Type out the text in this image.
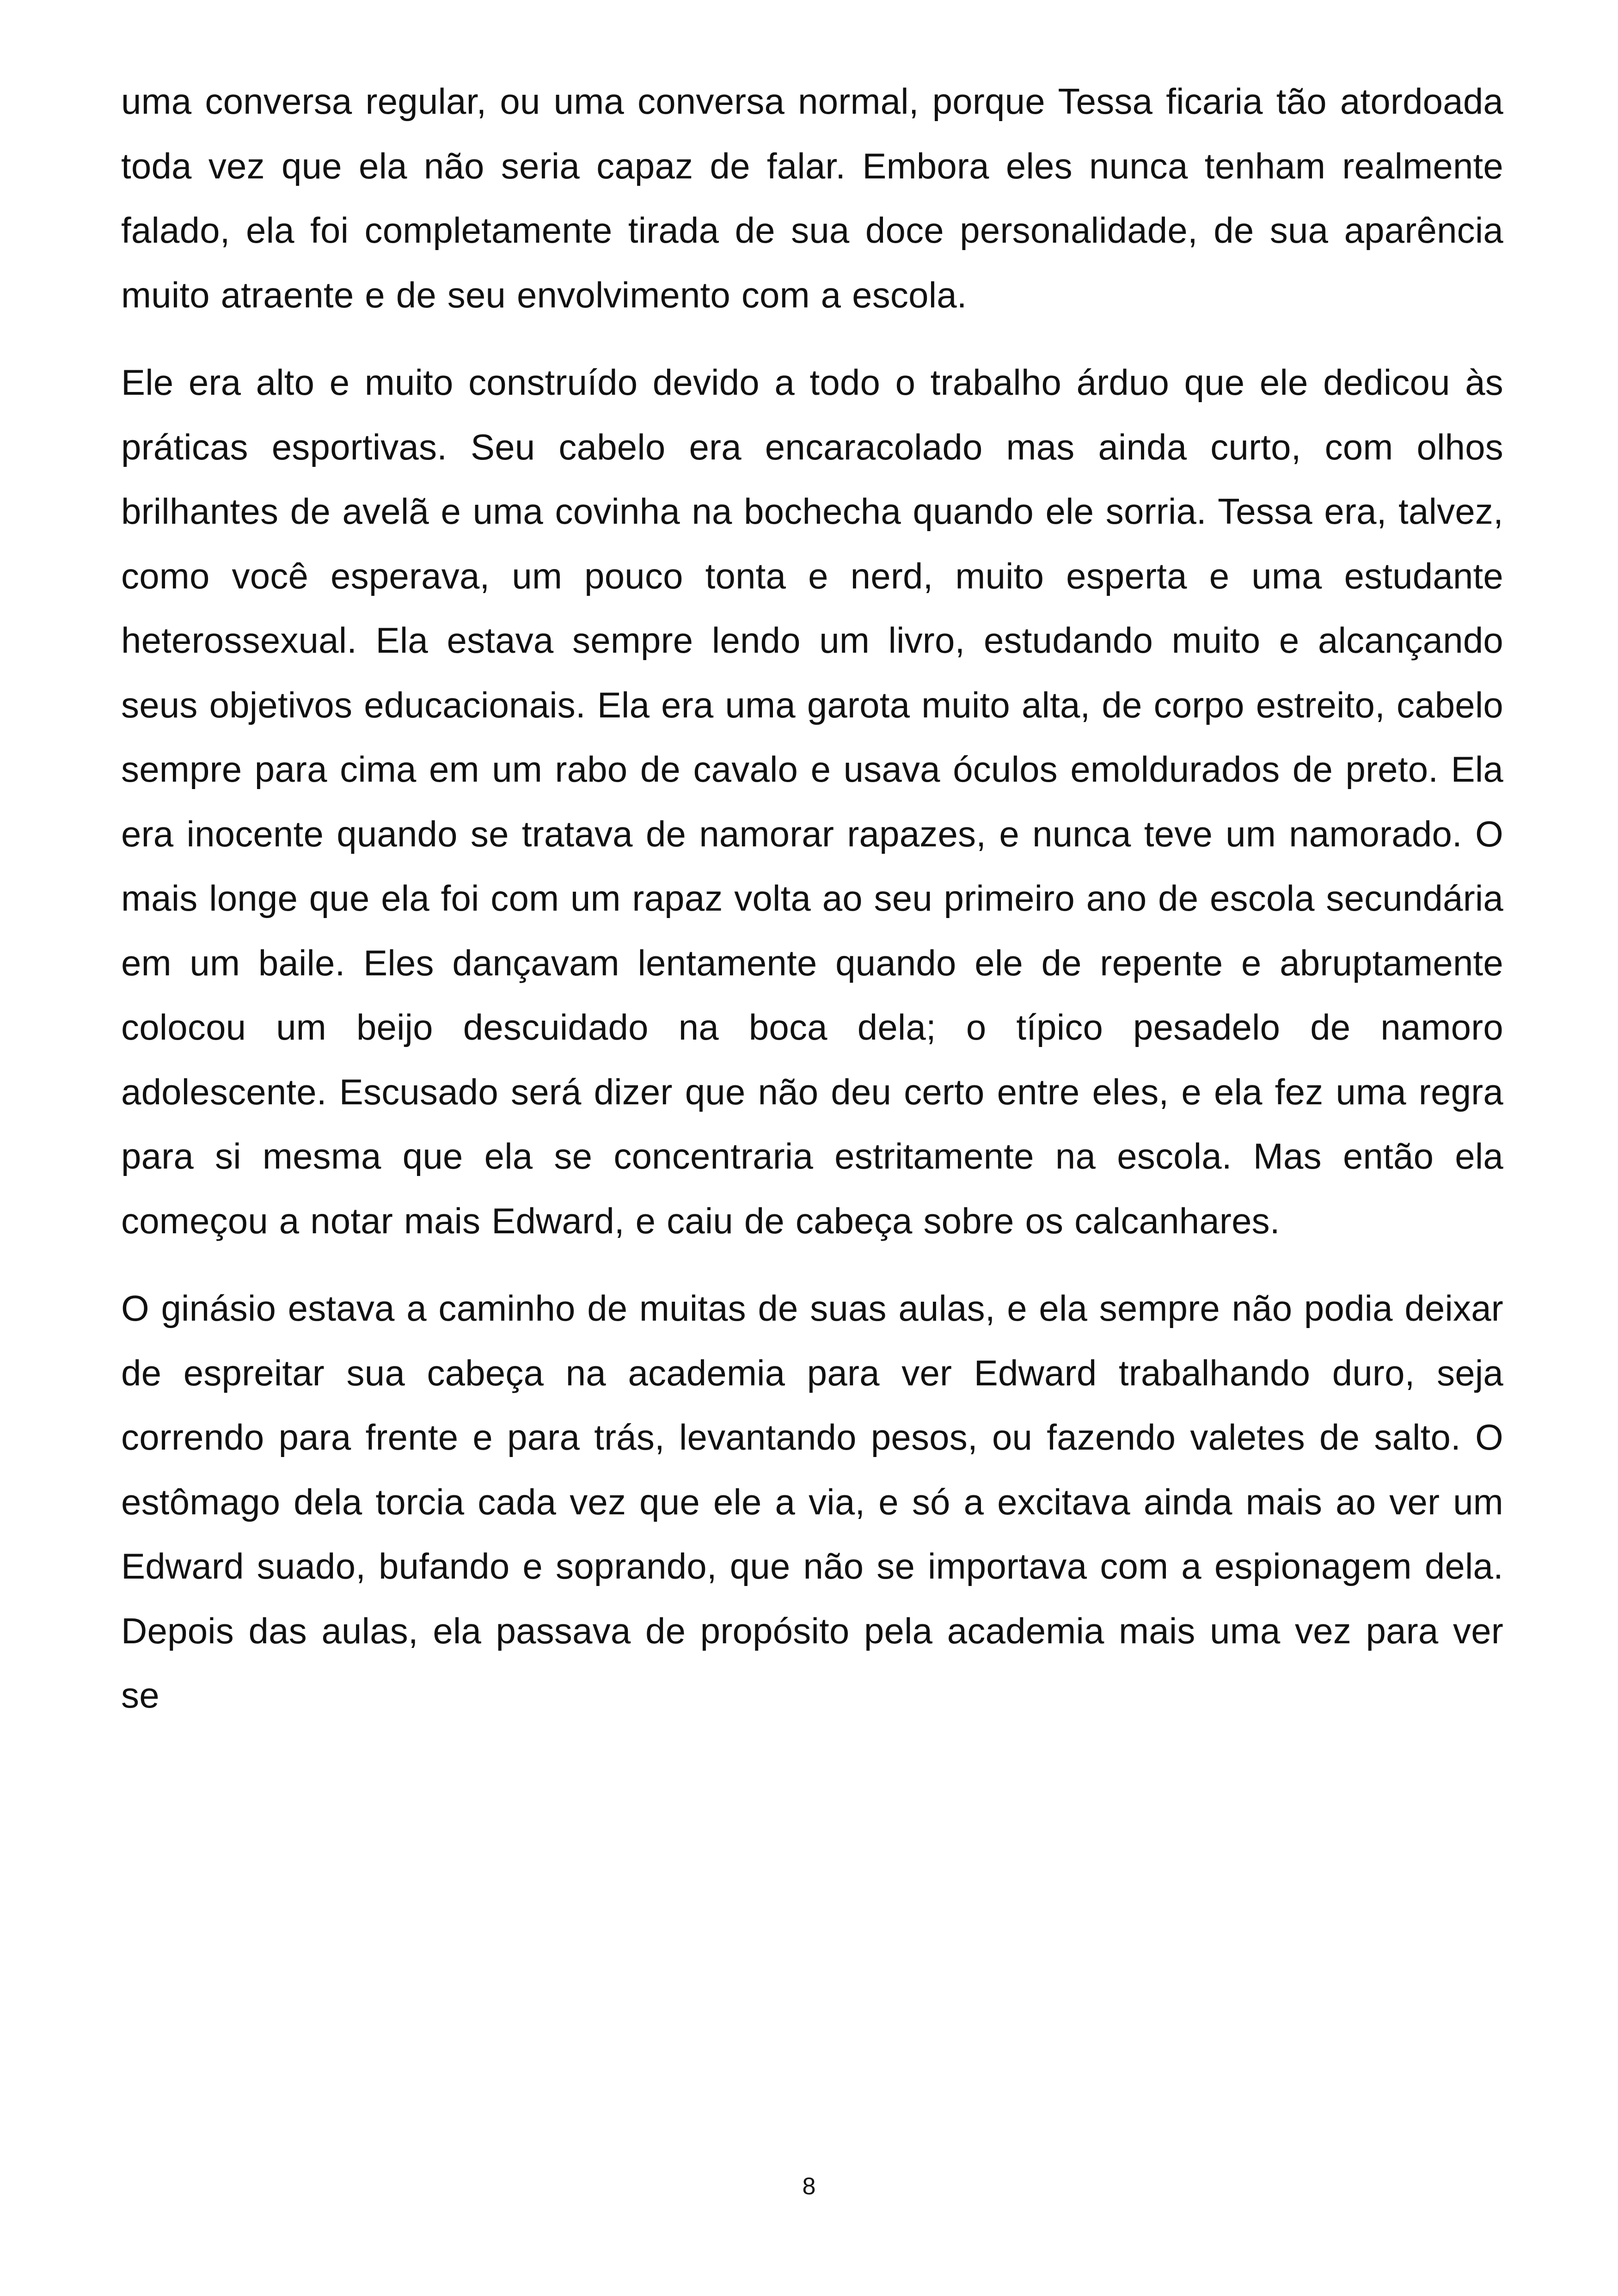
uma conversa regular, ou uma conversa normal, porque Tessa ficaria tão atordoada toda vez que ela não seria capaz de falar. Embora eles nunca tenham realmente falado, ela foi completamente tirada de sua doce personalidade, de sua aparência muito atraente e de seu envolvimento com a escola.

Ele era alto e muito construído devido a todo o trabalho árduo que ele dedicou às práticas esportivas. Seu cabelo era encaracolado mas ainda curto, com olhos brilhantes de avelã e uma covinha na bochecha quando ele sorria. Tessa era, talvez, como você esperava, um pouco tonta e nerd, muito esperta e uma estudante heterossexual. Ela estava sempre lendo um livro, estudando muito e alcançando seus objetivos educacionais. Ela era uma garota muito alta, de corpo estreito, cabelo sempre para cima em um rabo de cavalo e usava óculos emoldurados de preto. Ela era inocente quando se tratava de namorar rapazes, e nunca teve um namorado. O mais longe que ela foi com um rapaz volta ao seu primeiro ano de escola secundária em um baile. Eles dançavam lentamente quando ele de repente e abruptamente colocou um beijo descuidado na boca dela; o típico pesadelo de namoro adolescente. Escusado será dizer que não deu certo entre eles, e ela fez uma regra para si mesma que ela se concentraria estritamente na escola. Mas então ela começou a notar mais Edward, e caiu de cabeça sobre os calcanhares.

O ginásio estava a caminho de muitas de suas aulas, e ela sempre não podia deixar de espreitar sua cabeça na academia para ver Edward trabalhando duro, seja correndo para frente e para trás, levantando pesos, ou fazendo valetes de salto. O estômago dela torcia cada vez que ele a via, e só a excitava ainda mais ao ver um Edward suado, bufando e soprando, que não se importava com a espionagem dela. Depois das aulas, ela passava de propósito pela academia mais uma vez para ver se

8
